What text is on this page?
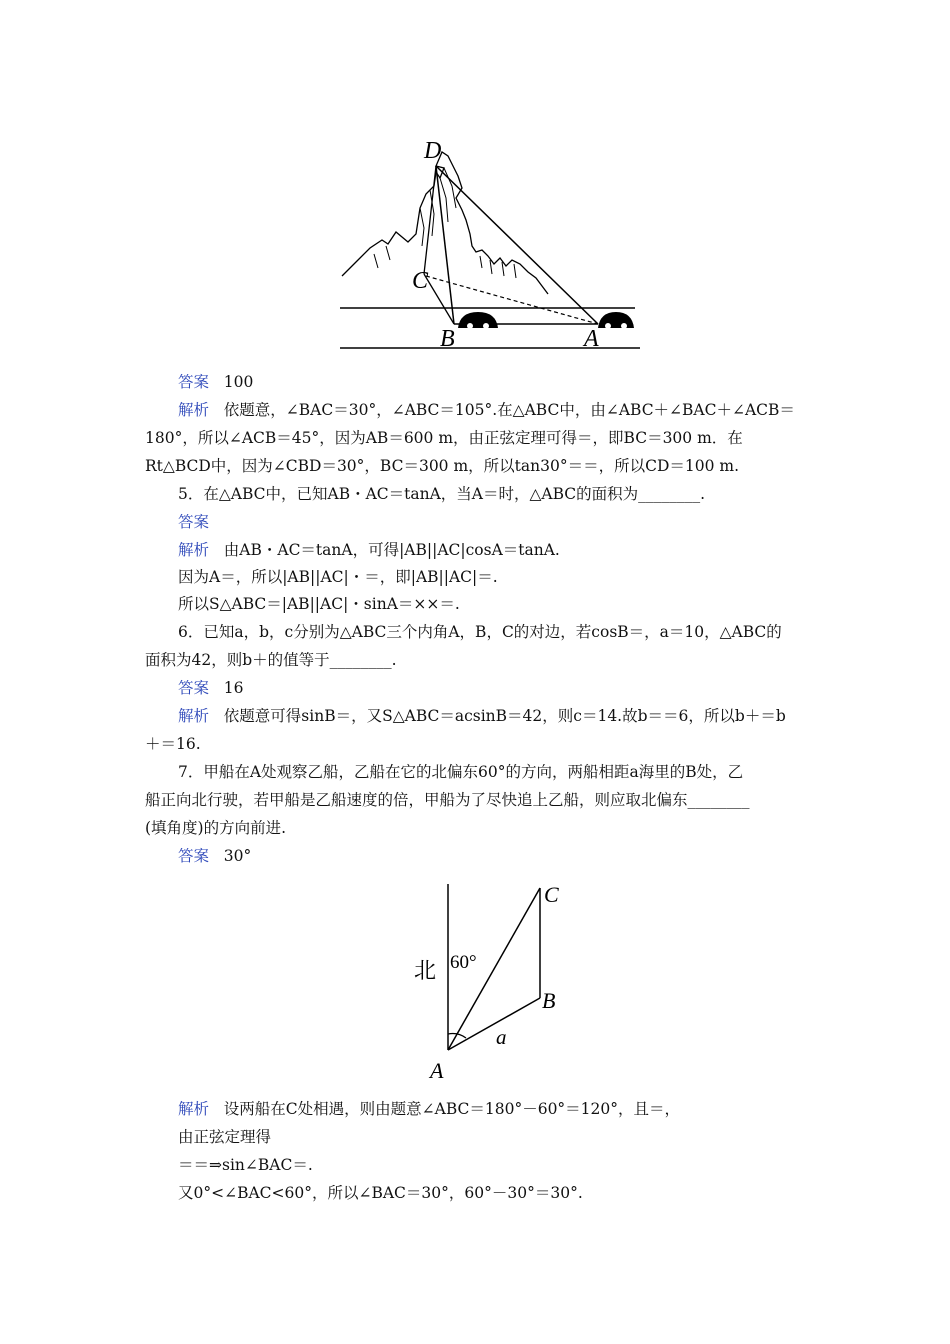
D
C
B	A
答案 100
解析 依题意，∠BAC＝30°，∠ABC＝105°.在△ABC中，由∠ABC＋∠BAC＋∠ACB＝
180°，所以∠ACB＝45°，因为AB＝600 m，由正弦定理可得＝，即BC＝300 m．在
Rt△BCD中，因为∠CBD＝30°，BC＝300 m，所以tan30°＝＝，所以CD＝100 m.
5．在△ABC中，已知AB・AC＝tanA，当A＝时，△ABC的面积为________.
答案
解析 由AB・AC＝tanA，可得|AB||AC|cosA＝tanA.
因为A＝，所以|AB||AC|・＝，即|AB||AC|＝.
所以S△ABC＝|AB||AC|・sinA＝××＝.
6．已知a，b，c分别为△ABC三个内角A，B，C的对边，若cosB＝，a＝10，△ABC的
面积为42，则b＋的值等于________.
答案 16
解析 依题意可得sinB＝，又S△ABC＝acsinB＝42，则c＝14.故b＝＝6，所以b＋＝b
＋＝16.
7．甲船在A处观察乙船，乙船在它的北偏东60°的方向，两船相距a海里的B处，乙
船正向北行驶，若甲船是乙船速度的倍，甲船为了尽快追上乙船，则应取北偏东________
(填角度)的方向前进.
答案 30°
北 60°
C
B
a
A
解析 设两船在C处相遇，则由题意∠ABC＝180°－60°＝120°，且＝，
由正弦定理得
＝＝⇒sin∠BAC＝.
又0°<∠BAC<60°，所以∠BAC＝30°，60°－30°＝30°.
